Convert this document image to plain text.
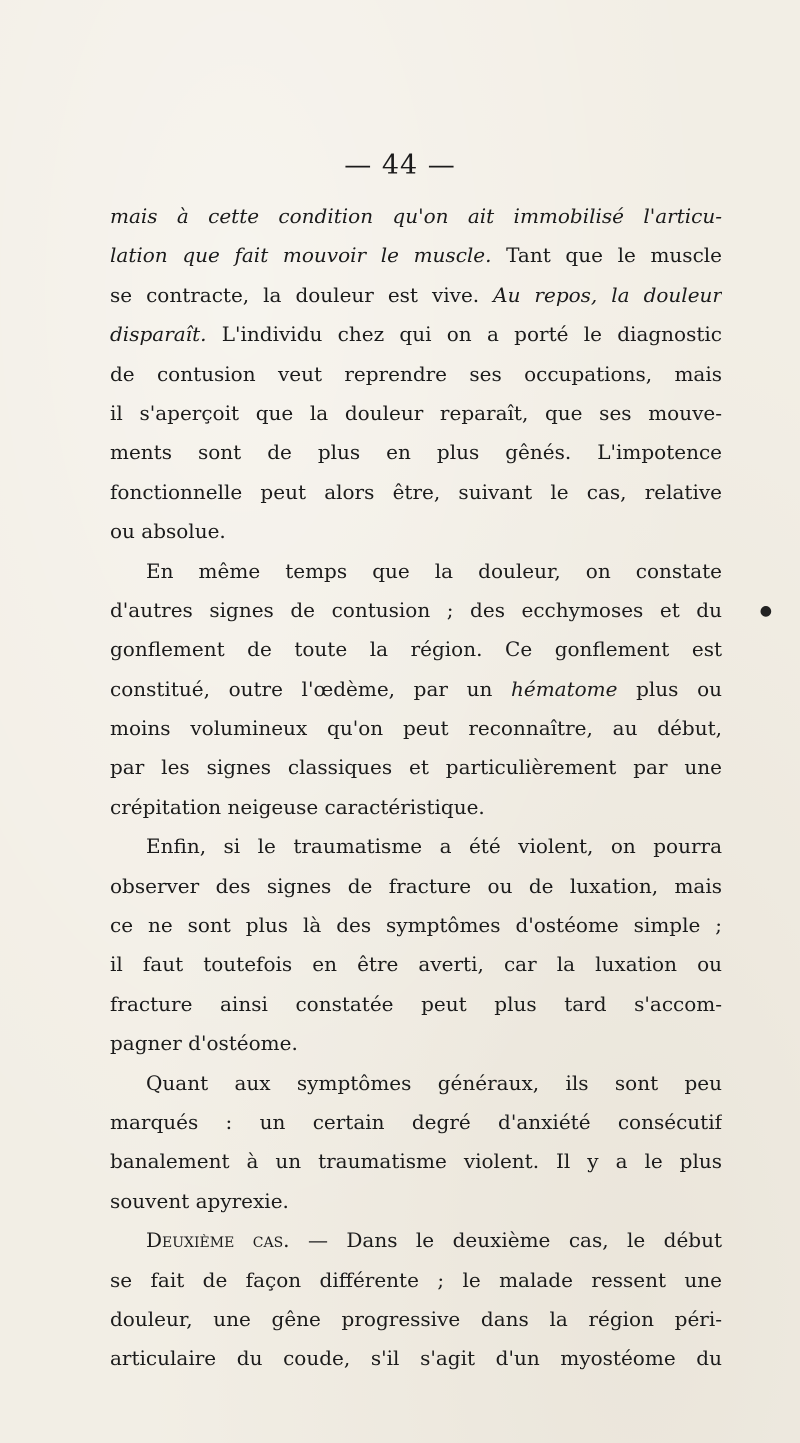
— 44 —
●
mais à cette condition qu'on ait immobilisé l'articu-
lation que fait mouvoir le muscle. Tant que le muscle
se contracte, la douleur est vive. Au repos, la douleur
disparaît. L'individu chez qui on a porté le diagnostic
de contusion veut reprendre ses occupations, mais
il s'aperçoit que la douleur reparaît, que ses mouve-
ments sont de plus en plus gênés. L'impotence
fonctionnelle peut alors être, suivant le cas, relative
ou absolue.
En même temps que la douleur, on constate
d'autres signes de contusion ; des ecchymoses et du
gonflement de toute la région. Ce gonflement est
constitué, outre l'œdème, par un hématome plus ou
moins volumineux qu'on peut reconnaître, au début,
par les signes classiques et particulièrement par une
crépitation neigeuse caractéristique.
Enfin, si le traumatisme a été violent, on pourra
observer des signes de fracture ou de luxation, mais
ce ne sont plus là des symptômes d'ostéome simple ;
il faut toutefois en être averti, car la luxation ou
fracture ainsi constatée peut plus tard s'accom-
pagner d'ostéome.
Quant aux symptômes généraux, ils sont peu
marqués : un certain degré d'anxiété consécutif
banalement à un traumatisme violent. Il y a le plus
souvent apyrexie.
Deuxième cas. — Dans le deuxième cas, le début
se fait de façon différente ; le malade ressent une
douleur, une gêne progressive dans la région péri-
articulaire du coude, s'il s'agit d'un myostéome du
